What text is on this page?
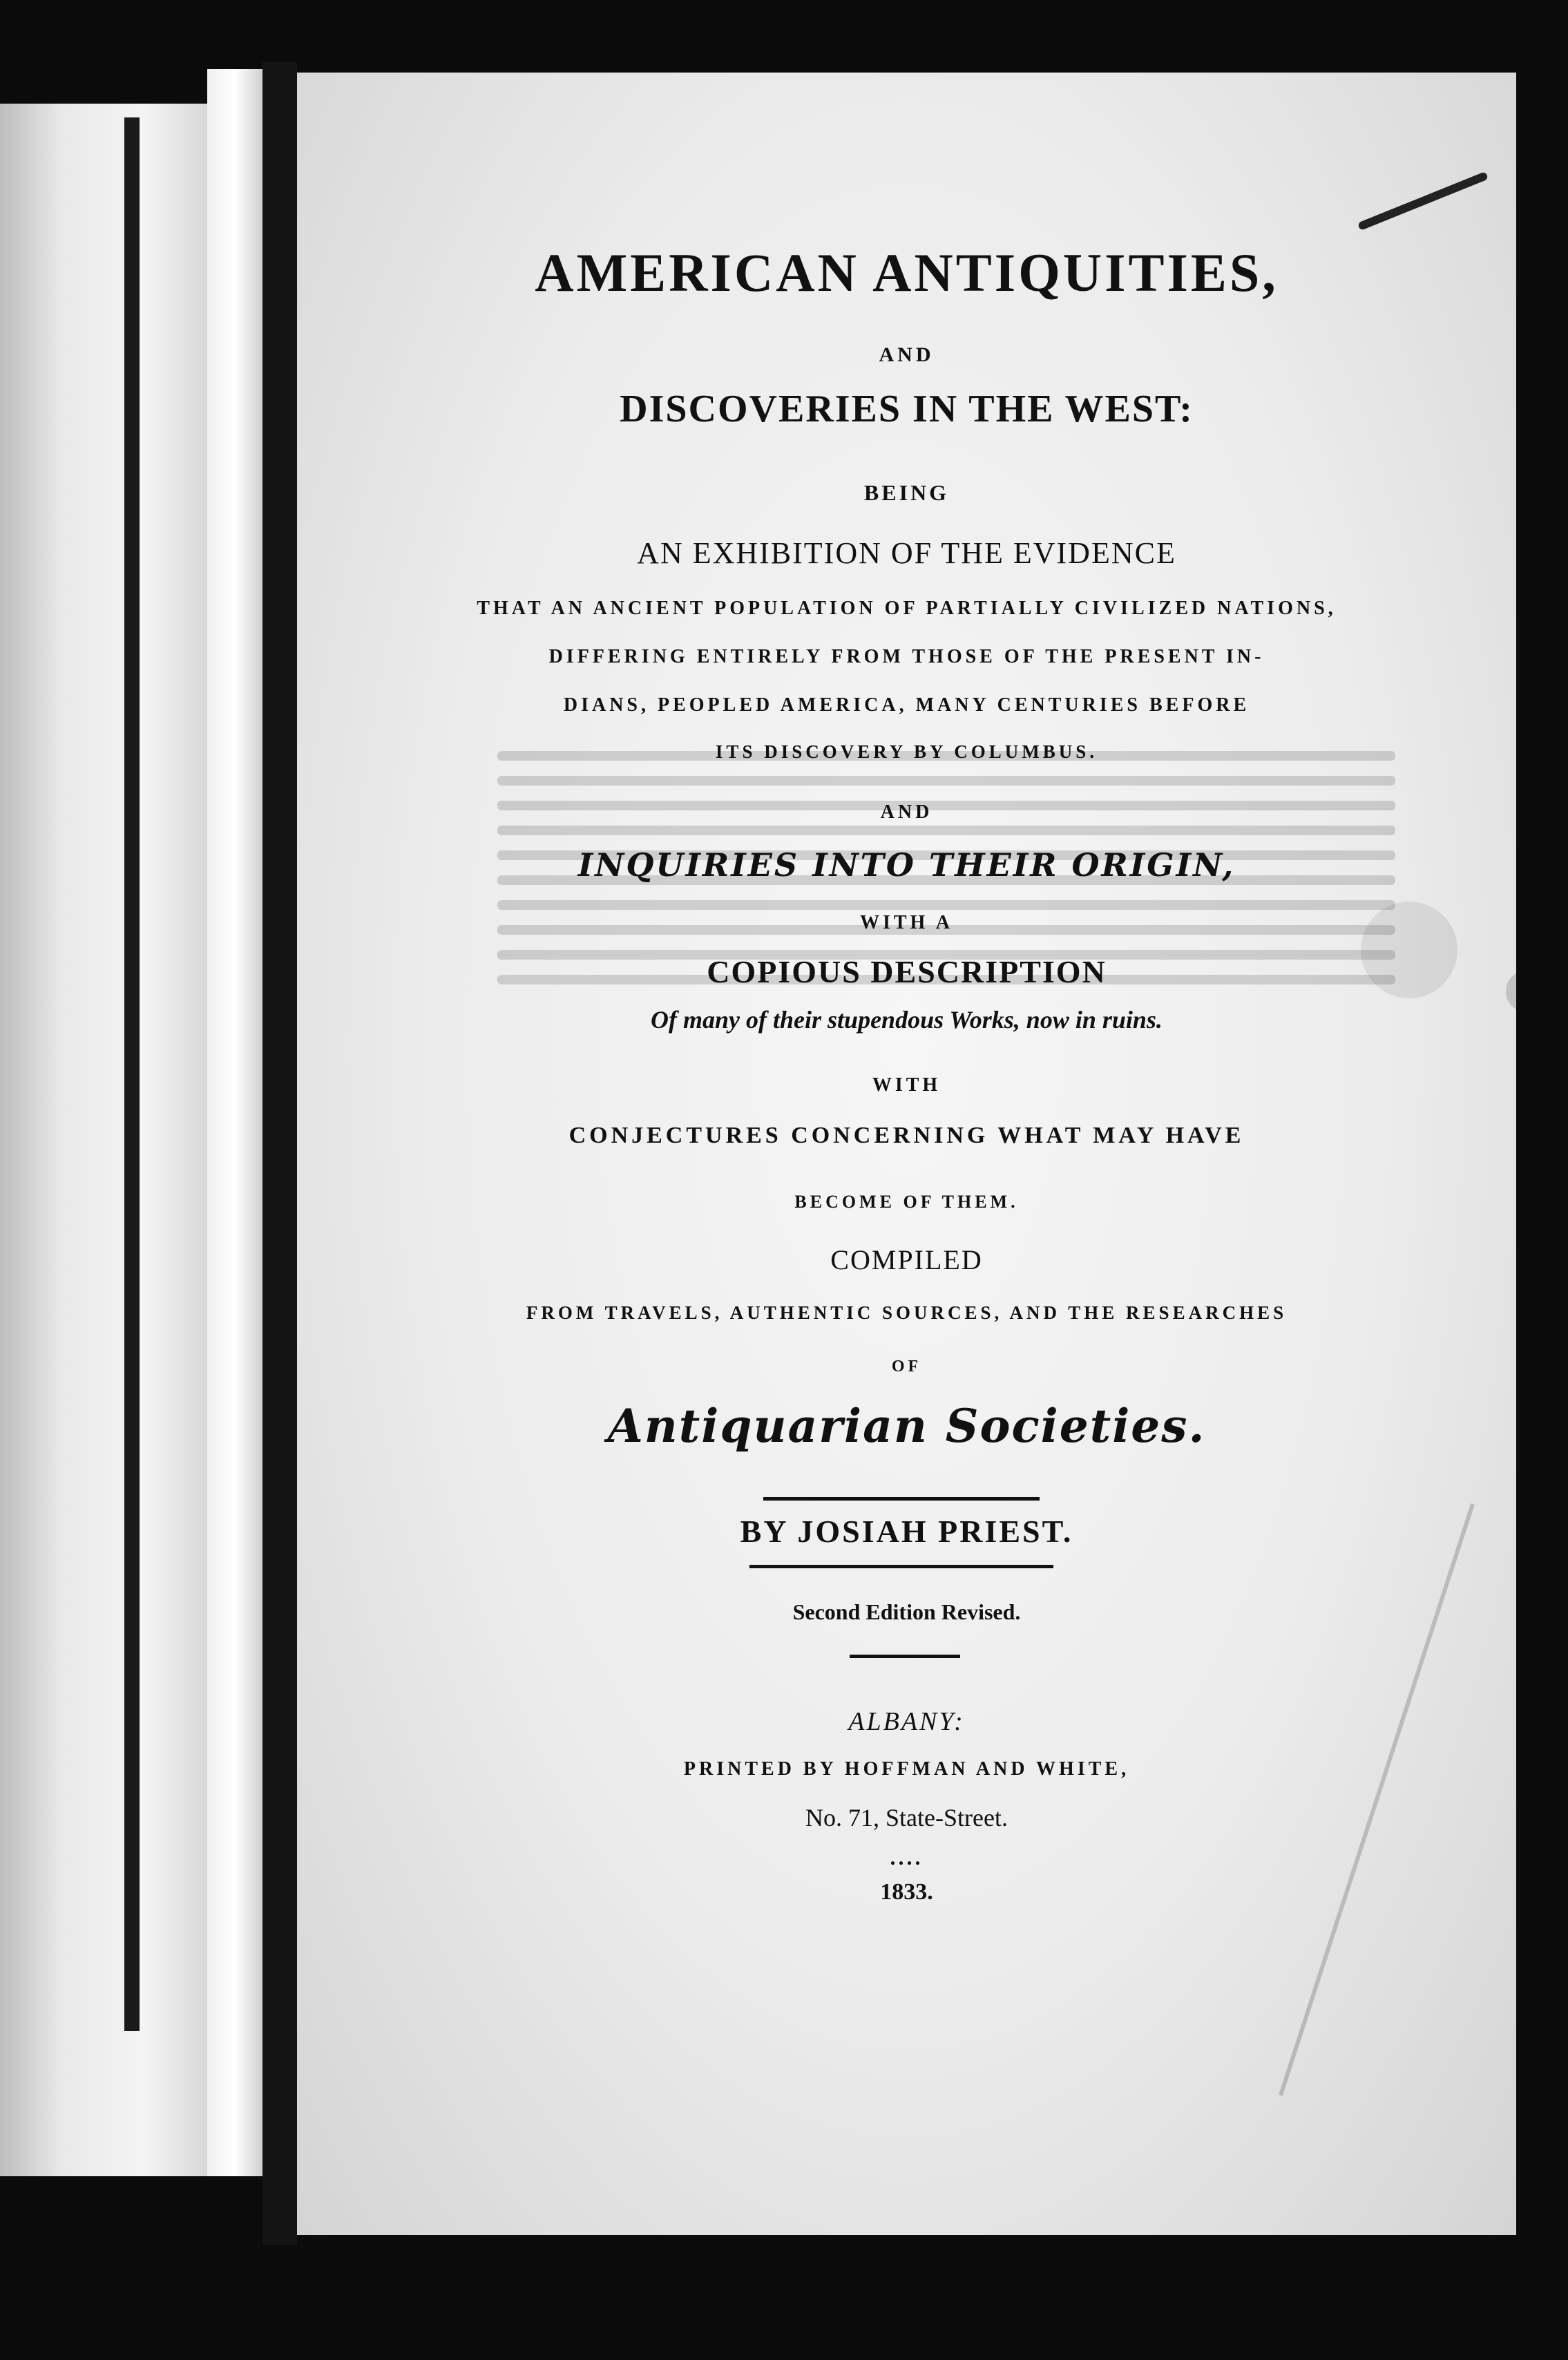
AMERICAN ANTIQUITIES,
AND
DISCOVERIES IN THE WEST:
BEING
AN EXHIBITION OF THE EVIDENCE
THAT AN ANCIENT POPULATION OF PARTIALLY CIVILIZED NATIONS,
DIFFERING ENTIRELY FROM THOSE OF THE PRESENT IN-
DIANS, PEOPLED AMERICA, MANY CENTURIES BEFORE
ITS DISCOVERY BY COLUMBUS.
AND
INQUIRIES INTO THEIR ORIGIN,
WITH A
COPIOUS DESCRIPTION
Of many of their stupendous Works, now in ruins.
WITH
CONJECTURES CONCERNING WHAT MAY HAVE
BECOME OF THEM.
COMPILED
FROM TRAVELS, AUTHENTIC SOURCES, AND THE RESEARCHES
OF
Antiquarian Societies.
BY JOSIAH PRIEST.
Second Edition Revised.
ALBANY:
PRINTED BY HOFFMAN AND WHITE,
No. 71, State-Street.
....
1833.
